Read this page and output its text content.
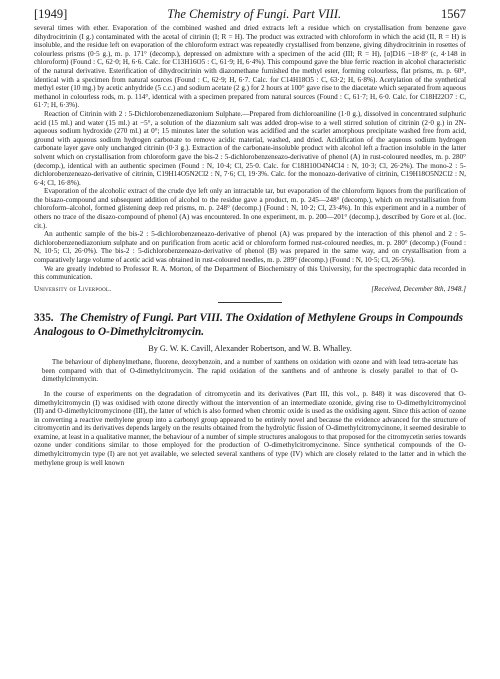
[1949]	The Chemistry of Fungi. Part VIII.	1567

several times with ether. Evaporation of the combined washed and dried extracts left a residue which on crystallisation from benzene gave dihydrocitrinin (I g.) contaminated with the acetal of citrinin (I; R = H). The product was extracted with chloroform in which the acid (II, R = H) is insoluble, and the residue left on evaporation of the chloroform extract was repeatedly crystallised from benzene, giving dihydrocitrinin in rosettes of colourless prisms (0·5 g.), m. p. 171° (decomp.), depressed on admixture with a specimen of the acid (III; R = H), [α]D16 −18·8° (c, 4·148 in chloroform) (Found : C, 62·0; H, 6·6. Calc. for C13H16O5 : C, 61·9; H, 6·4%). This compound gave the blue ferric reaction in alcohol characteristic of the natural derivative. Esterification of dihydrocitrinin with diazomethane furnished the methyl ester, forming colourless, flat prisms, m. p. 60°, identical with a specimen from natural sources (Found : C, 62·9; H, 6·7. Calc. for C14H18O5 : C, 63·2; H, 6·8%). Acetylation of the synthetical methyl ester (10 mg.) by acetic anhydride (5 c.c.) and sodium acetate (2 g.) for 2 hours at 100° gave rise to the diacetate which separated from aqueous methanol in colourless rods, m. p. 114°, identical with a specimen prepared from natural sources (Found : C, 61·7; H, 6·0. Calc. for C18H22O7 : C, 61·7; H, 6·3%).

Reaction of Citrinin with 2 : 5-Dichlorobenzenediazonium Sulphate.—Prepared from dichloroaniline (1·0 g.), dissolved in concentrated sulphuric acid (15 ml.) and water (15 ml.) at −5°, a solution of the diazonium salt was added drop-wise to a well stirred solution of citrinin (2·0 g.) in 2N-aqueous sodium hydroxide (270 ml.) at 0°; 15 minutes later the solution was acidified and the scarlet amorphous precipitate washed free from acid, ground with aqueous sodium hydrogen carbonate to remove acidic material, washed, and dried. Acidification of the aqueous sodium hydrogen carbonate layer gave only unchanged citrinin (0·3 g.). Extraction of the carbonate-insoluble product with alcohol left a fraction insoluble in the latter solvent which on crystallisation from chloroform gave the bis-2 : 5-dichlorobenzeneazo-derivative of phenol (A) in rust-coloured needles, m. p. 280° (decomp.), identical with an authentic specimen (Found : N, 10·4; Cl, 25·0. Calc. for C18H10O4N4Cl4 : N, 10·3; Cl, 26·2%). The mono-2 : 5-dichlorobenzeneazo-derivative of citrinin, C19H14O5N2Cl2 : N, 7·6; Cl, 19·3%. Calc. for the monoazo-derivative of citrinin, C19H18O5N2Cl2 : N, 6·4; Cl, 16·8%).

Evaporation of the alcoholic extract of the crude dye left only an intractable tar, but evaporation of the chloroform liquors from the purification of the bisazo-compound and subsequent addition of alcohol to the residue gave a product, m. p. 245—248° (decomp.), which on recrystallisation from chloroform–alcohol, formed glistening deep red prisms, m. p. 248° (decomp.) (Found : N, 10·2; Cl, 23·4%). In this experiment and in a number of others no trace of the disazo-compound of phenol (A) was encountered. In one experiment, m. p. 200—201° (decomp.), described by Gore et al. (loc. cit.).

An authentic sample of the bis-2 : 5-dichlorobenzeneazo-derivative of phenol (A) was prepared by the interaction of this phenol and 2 : 5-dichlorobenzenediazonium sulphate and on purification from acetic acid or chloroform formed rust-coloured needles, m. p. 280° (decomp.) (Found : N, 10·5; Cl, 26·0%). The bis-2 : 5-dichlorobenzeneazo-derivative of phenol (B) was prepared in the same way, and on crystallisation from a comparatively large volume of acetic acid was obtained in rust-coloured needles, m. p. 289° (decomp.) (Found : N, 10·5; Cl, 26·5%).

We are greatly indebted to Professor R. A. Morton, of the Department of Biochemistry of this University, for the spectrographic data recorded in this communication.

University of Liverpool.	[Received, December 8th, 1948.]

335. The Chemistry of Fungi. Part VIII. The Oxidation of Methylene Groups in Compounds Analogous to O-Dimethylcitromycin.

By G. W. K. Cavill, Alexander Robertson, and W. B. Whalley.

The behaviour of diphenylmethane, fluorene, deoxybenzoin, and a number of xanthens on oxidation with ozone and with lead tetra-acetate has been compared with that of O-dimethylcitromycin. The rapid oxidation of the xanthens and of anthrone is closely parallel to that of O-dimethylcitromycin.

In the course of experiments on the degradation of citromycetin and its derivatives (Part III, this vol., p. 848) it was discovered that O-dimethylcitromycin (I) was oxidised with ozone directly without the intervention of an intermediate ozonide, giving rise to O-dimethylcitromycinol (II) and O-dimethylcitromycinone (III), the latter of which is also formed when chromic oxide is used as the oxidising agent. Since this action of ozone in converting a reactive methylene group into a carbonyl group appeared to be entirely novel and because the evidence advanced for the structure of citromycetin and its derivatives depends largely on the results obtained from the hydrolytic fission of O-dimethylcitromycinone, it seemed desirable to examine, at least in a qualitative manner, the behaviour of a number of simple structures analogous to that proposed for the citromycetin series towards ozone under conditions similar to those employed for the production of O-dimethylcitromycinone. Since synthetical compounds of the O-dimethylcitromycin type (I) are not yet available, we selected several xanthens of type (IV) which are closely related to the latter and in which the methylene group is well known
